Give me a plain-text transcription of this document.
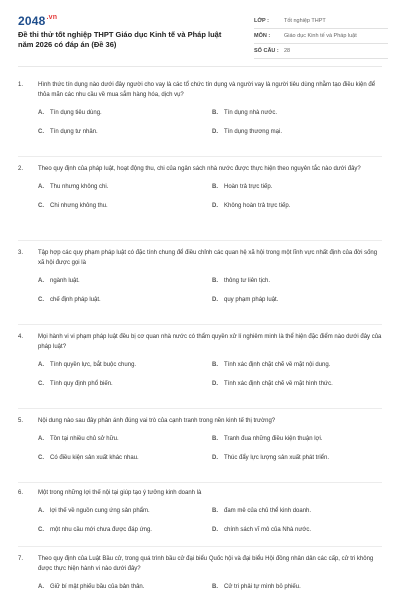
$2048^{.vn}$
Đề thi thử tốt nghiệp THPT Giáo dục Kinh tế và Pháp luật năm 2026 có đáp án (Đề 36)
LỚP :	Tốt nghiệp THPT
MÔN :	Giáo dục Kinh tế và Pháp luật
SỐ CÂU : 28
1. Hình thức tín dụng nào dưới đây người cho vay là các tổ chức tín dụng và người vay là người tiêu dùng nhằm tạo điều kiện để thỏa mãn các nhu cầu về mua sắm hàng hóa, dịch vụ?
A. Tín dụng tiêu dùng.	B. Tín dụng nhà nước.
C. Tín dụng tư nhân.	D. Tín dụng thương mại.
2. Theo quy định của pháp luật, hoạt động thu, chi của ngân sách nhà nước được thực hiện theo nguyên tắc nào dưới đây?
A. Thu nhưng không chi.	B. Hoàn trả trực tiếp.
C. Chi nhưng không thu.	D. Không hoàn trả trực tiếp.
3. Tập hợp các quy phạm pháp luật có đặc tính chung để điều chỉnh các quan hệ xã hội trong một lĩnh vực nhất định của đời sống xã hội được gọi là
A. ngành luật.	B. thông tư liên tịch.
C. chế định pháp luật.	D. quy phạm pháp luật.
4. Mọi hành vi vi phạm pháp luật đều bị cơ quan nhà nước có thẩm quyền xử lí nghiêm minh là thể hiện đặc điểm nào dưới đây của pháp luật?
A. Tính quyền lực, bắt buộc chung.	B. Tính xác định chặt chẽ về mặt nội dung.
C. Tính quy định phổ biến.	D. Tính xác định chặt chẽ về mặt hình thức.
5. Nội dung nào sau đây phản ánh đúng vai trò của cạnh tranh trong nền kinh tế thị trường?
A. Tồn tại nhiều chủ sở hữu.	B. Tranh đua những điều kiện thuận lợi.
C. Có điều kiện sản xuất khác nhau.	D. Thúc đẩy lực lượng sản xuất phát triển.
6. Một trong những lợi thế nội tại giúp tạo ý tưởng kinh doanh là
A. lợi thế về nguồn cung ứng sản phẩm.	B. đam mê của chủ thể kinh doanh.
C. một nhu cầu mới chưa được đáp ứng.	D. chính sách vĩ mô của Nhà nước.
7. Theo quy định của Luật Bầu cử, trong quá trình bầu cử đại biểu Quốc hội và đại biểu Hội đồng nhân dân các cấp, cử tri không được thực hiện hành vi nào dưới đây?
A. Giữ bí mật phiếu bầu của bản thân.	B. Cử tri phải tự mình bỏ phiếu.
